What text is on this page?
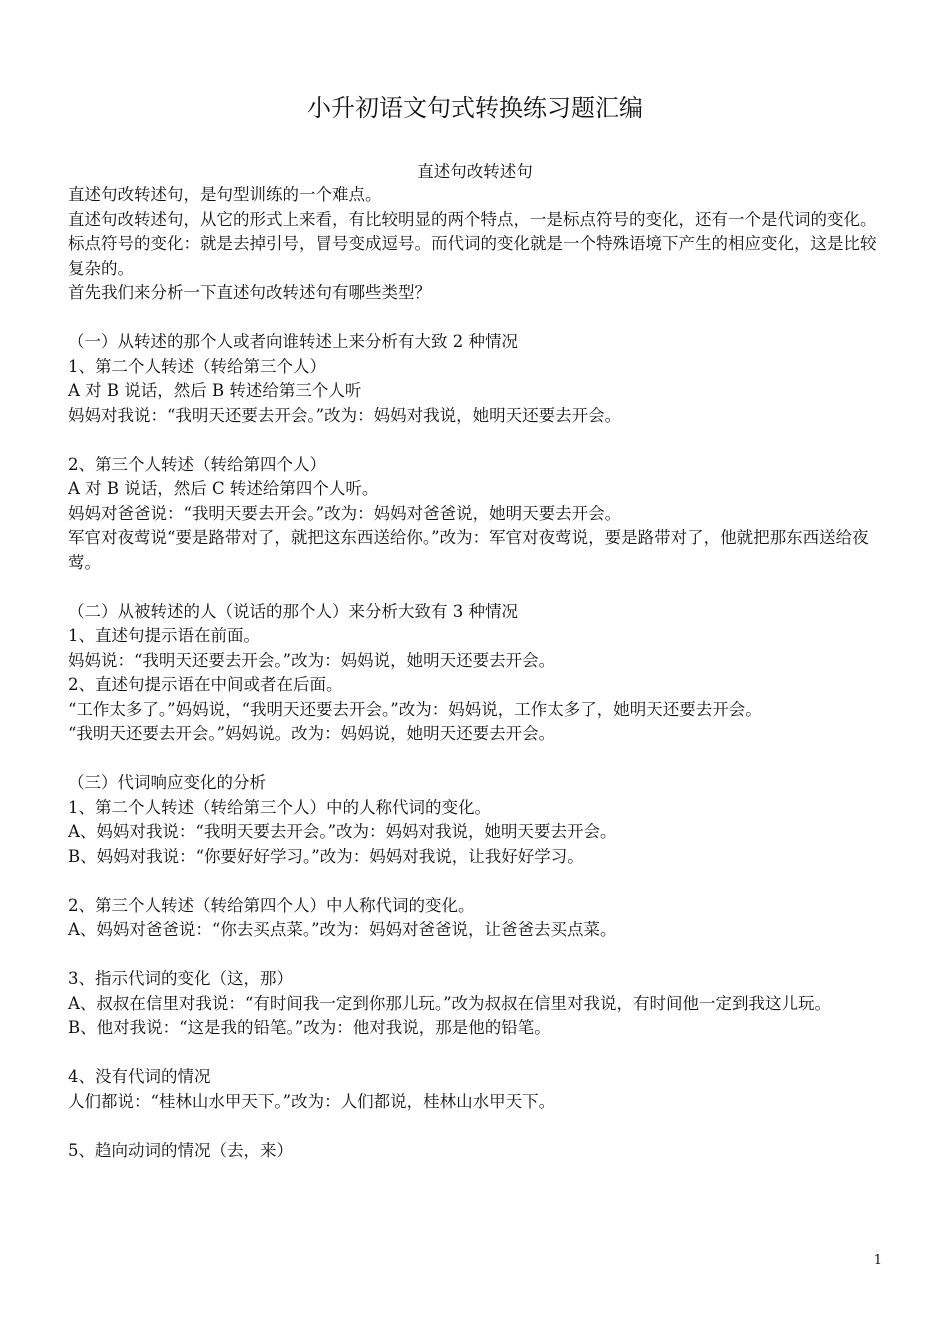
小升初语文句式转换练习题汇编
直述句改转述句

直述句改转述句，是句型训练的一个难点。

直述句改转述句，从它的形式上来看，有比较明显的两个特点，一是标点符号的变化，还有一个是代词的变化。标点符号的变化：就是去掉引号，冒号变成逗号。而代词的变化就是一个特殊语境下产生的相应变化，这是比较复杂的。

首先我们来分析一下直述句改转述句有哪些类型？

（一）从转述的那个人或者向谁转述上来分析有大致 2 种情况

1、第二个人转述（转给第三个人）

A 对 B 说话，然后 B 转述给第三个人听

妈妈对我说：“我明天还要去开会。”改为：妈妈对我说，她明天还要去开会。

2、第三个人转述（转给第四个人）

A 对 B 说话，然后 C 转述给第四个人听。

妈妈对爸爸说：“我明天要去开会。”改为：妈妈对爸爸说，她明天要去开会。

军官对夜莺说“要是路带对了，就把这东西送给你。”改为：军官对夜莺说，要是路带对了，他就把那东西送给夜莺。

（二）从被转述的人（说话的那个人）来分析大致有 3 种情况

1、直述句提示语在前面。

妈妈说：“我明天还要去开会。”改为：妈妈说，她明天还要去开会。

2、直述句提示语在中间或者在后面。

“工作太多了。”妈妈说，“我明天还要去开会。”改为：妈妈说，工作太多了，她明天还要去开会。

“我明天还要去开会。”妈妈说。改为：妈妈说，她明天还要去开会。

（三）代词响应变化的分析

1、第二个人转述（转给第三个人）中的人称代词的变化。

A、妈妈对我说：“我明天要去开会。”改为：妈妈对我说，她明天要去开会。

B、妈妈对我说：“你要好好学习。”改为：妈妈对我说，让我好好学习。

2、第三个人转述（转给第四个人）中人称代词的变化。

A、妈妈对爸爸说：“你去买点菜。”改为：妈妈对爸爸说，让爸爸去买点菜。

3、指示代词的变化（这，那）

A、叔叔在信里对我说：“有时间我一定到你那儿玩。”改为叔叔在信里对我说，有时间他一定到我这儿玩。

B、他对我说：“这是我的铅笔。”改为：他对我说，那是他的铅笔。

4、没有代词的情况

人们都说：“桂林山水甲天下。”改为：人们都说，桂林山水甲天下。

5、趋向动词的情况（去，来）

1
